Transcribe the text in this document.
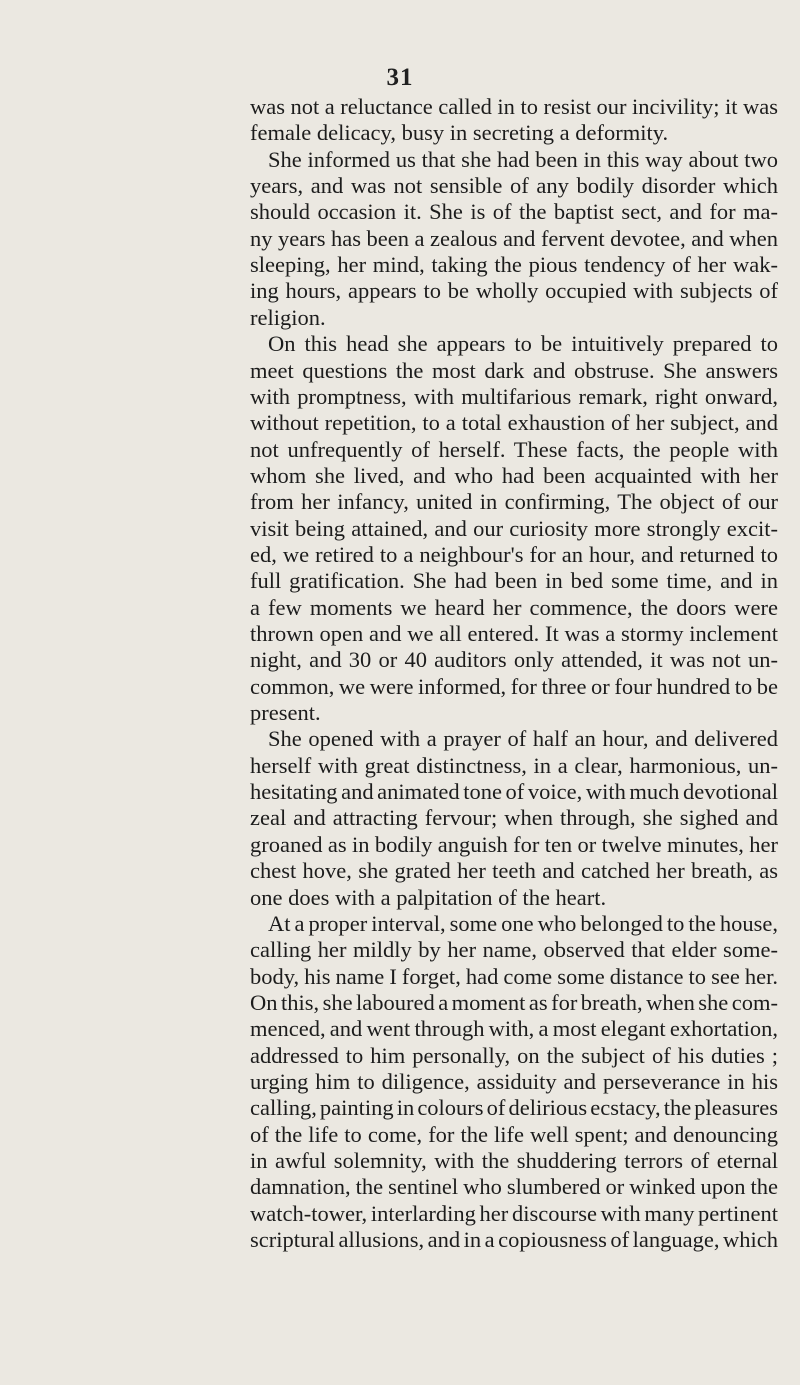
31
was not a reluctance called in to resist our incivility; it was
female delicacy, busy in secreting a deformity.
She informed us that she had been in this way about two
years, and was not sensible of any bodily disorder which
should occasion it. She is of the baptist sect, and for ma-
ny years has been a zealous and fervent devotee, and when
sleeping, her mind, taking the pious tendency of her wak-
ing hours, appears to be wholly occupied with subjects of
religion.
On this head she appears to be intuitively prepared to
meet questions the most dark and obstruse. She answers
with promptness, with multifarious remark, right onward,
without repetition, to a total exhaustion of her subject, and
not unfrequently of herself. These facts, the people with
whom she lived, and who had been acquainted with her
from her infancy, united in confirming, The object of our
visit being attained, and our curiosity more strongly excit-
ed, we retired to a neighbour's for an hour, and returned to
full gratification. She had been in bed some time, and in
a few moments we heard her commence, the doors were
thrown open and we all entered. It was a stormy inclement
night, and 30 or 40 auditors only attended, it was not un-
common, we were informed, for three or four hundred to be
present.
She opened with a prayer of half an hour, and delivered
herself with great distinctness, in a clear, harmonious, un-
hesitating and animated tone of voice, with much devotional
zeal and attracting fervour; when through, she sighed and
groaned as in bodily anguish for ten or twelve minutes, her
chest hove, she grated her teeth and catched her breath, as
one does with a palpitation of the heart.
At a proper interval, some one who belonged to the house,
calling her mildly by her name, observed that elder some-
body, his name I forget, had come some distance to see her.
On this, she laboured a moment as for breath, when she com-
menced, and went through with, a most elegant exhortation,
addressed to him personally, on the subject of his duties ;
urging him to diligence, assiduity and perseverance in his
calling, painting in colours of delirious ecstacy, the pleasures
of the life to come, for the life well spent; and denouncing
in awful solemnity, with the shuddering terrors of eternal
damnation, the sentinel who slumbered or winked upon the
watch-tower, interlarding her discourse with many pertinent
scriptural allusions, and in a copiousness of language, which
